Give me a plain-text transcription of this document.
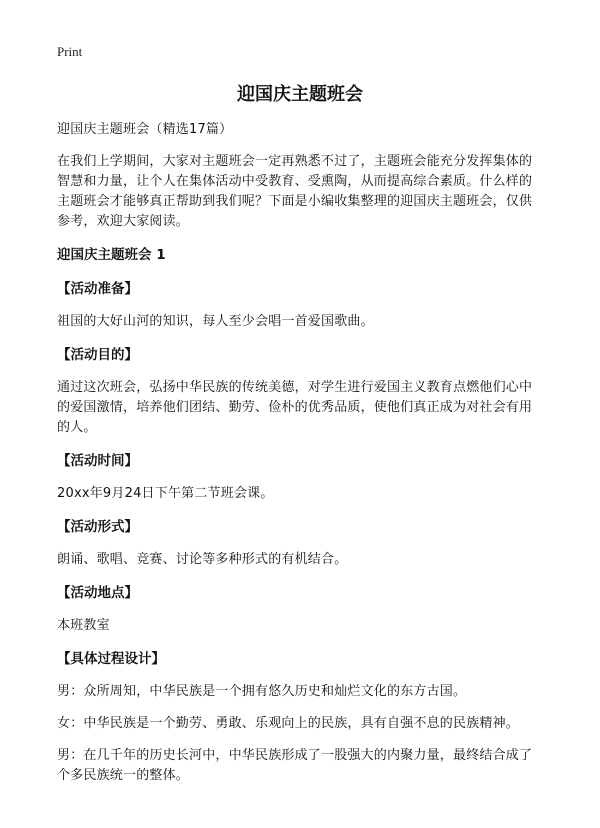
Print
迎国庆主题班会

迎国庆主题班会（精选17篇）

在我们上学期间，大家对主题班会一定再熟悉不过了，主题班会能充分发挥集体的智慧和力量，让个人在集体活动中受教育、受熏陶，从而提高综合素质。什么样的主题班会才能够真正帮助到我们呢？下面是小编收集整理的迎国庆主题班会，仅供参考，欢迎大家阅读。

迎国庆主题班会 1
【活动准备】

祖国的大好山河的知识，每人至少会唱一首爱国歌曲。

【活动目的】

通过这次班会，弘扬中华民族的传统美德，对学生进行爱国主义教育点燃他们心中的爱国激情，培养他们团结、勤劳、俭朴的优秀品质，使他们真正成为对社会有用的人。

【活动时间】

20xx年9月24日下午第二节班会课。

【活动形式】

朗诵、歌唱、竞赛、讨论等多种形式的有机结合。

【活动地点】

本班教室

【具体过程设计】

男：众所周知，中华民族是一个拥有悠久历史和灿烂文化的东方古国。

女：中华民族是一个勤劳、勇敢、乐观向上的民族，具有自强不息的民族精神。

男：在几千年的历史长河中，中华民族形成了一股强大的内聚力量，最终结合成了个多民族统一的整体。
